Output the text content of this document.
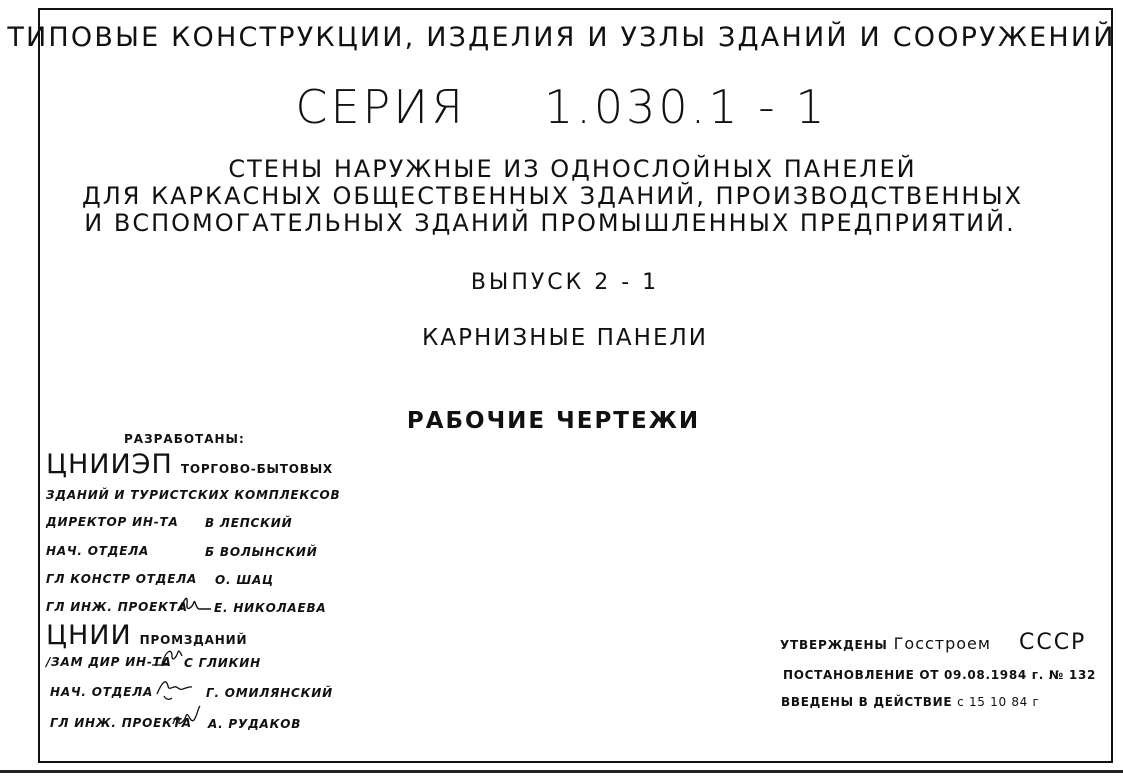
ТИПОВЫЕ КОНСТРУКЦИИ, ИЗДЕЛИЯ И УЗЛЫ ЗДАНИЙ И СООРУЖЕНИЙ
СЕРИЯ 1.030.1 - 1
СТЕНЫ НАРУЖНЫЕ ИЗ ОДНОСЛОЙНЫХ ПАНЕЛЕЙ
ДЛЯ КАРКАСНЫХ ОБЩЕСТВЕННЫХ ЗДАНИЙ, ПРОИЗВОДСТВЕННЫХ
И ВСПОМОГАТЕЛЬНЫХ ЗДАНИЙ ПРОМЫШЛЕННЫХ ПРЕДПРИЯТИЙ.
ВЫПУСК 2 - 1
КАРНИЗНЫЕ ПАНЕЛИ
РАБОЧИЕ ЧЕРТЕЖИ
РАЗРАБОТАНЫ:
ЦНИИЭП ТОРГОВО-БЫТОВЫХ
ЗДАНИЙ И ТУРИСТСКИХ КОМПЛЕКСОВ
ДИРЕКТОР ИН-ТА В ЛЕПСКИЙ
НАЧ. ОТДЕЛА	Б ВОЛЫНСКИЙ
ГЛ КОНСТР ОТДЕЛА О. ШАЦ
ГЛ ИНЖ. ПРОЕКТА Е. НИКОЛАЕВА
ЦНИИ ПРОМЗДАНИЙ
/ЗАМ ДИР ИН-ТА С ГЛИКИН
НАЧ. ОТДЕЛА	Г. ОМИЛЯНСКИЙ
ГЛ ИНЖ. ПРОЕКТА А. РУДАКОВ
УТВЕРЖДЕНЫ Госстроем СССР
ПОСТАНОВЛЕНИЕ ОТ 09.08.1984 г. № 132
ВВЕДЕНЫ В ДЕЙСТВИЕ с 15 10 84 г
